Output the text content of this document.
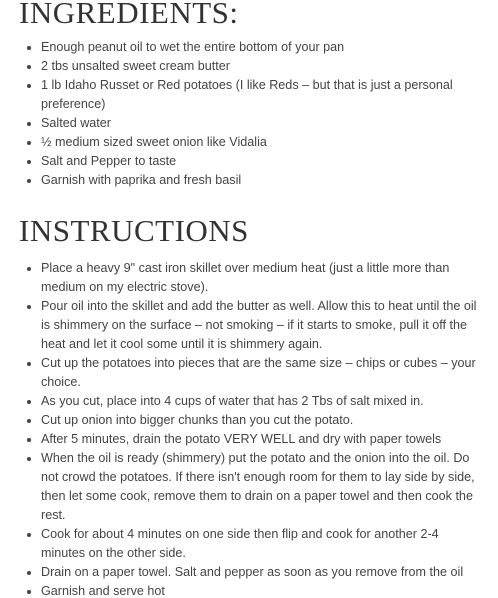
INGREDIENTS:
Enough peanut oil to wet the entire bottom of your pan
2 tbs unsalted sweet cream butter
1 lb Idaho Russet or Red potatoes (I like Reds – but that is just a personal preference)
Salted water
½ medium sized sweet onion like Vidalia
Salt and Pepper to taste
Garnish with paprika and fresh basil
INSTRUCTIONS
Place a heavy 9" cast iron skillet over medium heat (just a little more than medium on my electric stove).
Pour oil into the skillet and add the butter as well. Allow this to heat until the oil is shimmery on the surface – not smoking – if it starts to smoke, pull it off the heat and let it cool some until it is shimmery again.
Cut up the potatoes into pieces that are the same size – chips or cubes – your choice.
As you cut, place into 4 cups of water that has 2 Tbs of salt mixed in.
Cut up onion into bigger chunks than you cut the potato.
After 5 minutes, drain the potato VERY WELL and dry with paper towels
When the oil is ready (shimmery) put the potato and the onion into the oil. Do not crowd the potatoes. If there isn't enough room for them to lay side by side, then let some cook, remove them to drain on a paper towel and then cook the rest.
Cook for about 4 minutes on one side then flip and cook for another 2-4 minutes on the other side.
Drain on a paper towel. Salt and pepper as soon as you remove from the oil
Garnish and serve hot
